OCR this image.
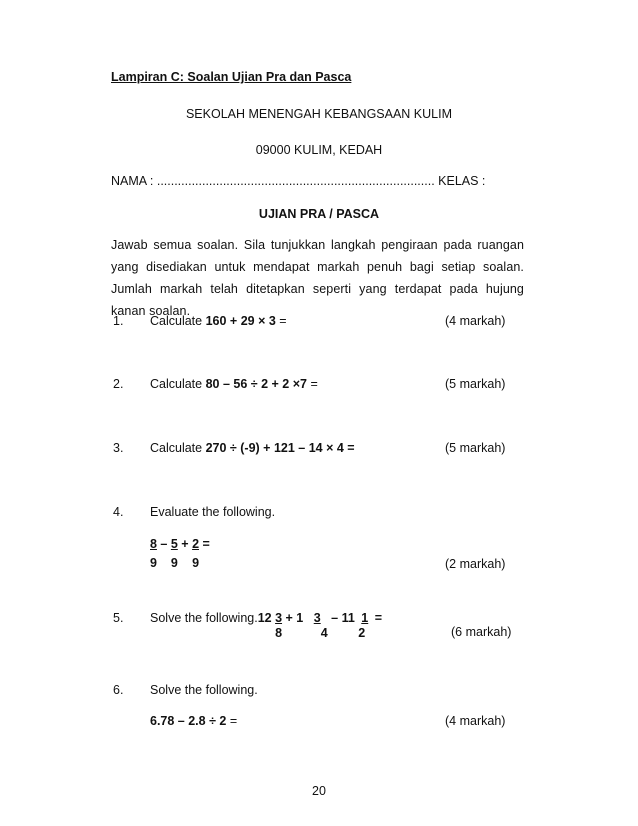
Lampiran C: Soalan Ujian Pra dan Pasca
SEKOLAH MENENGAH KEBANGSAAN KULIM
09000 KULIM, KEDAH
NAMA : ................................................................................ KELAS :
UJIAN PRA / PASCA
Jawab semua soalan. Sila tunjukkan langkah pengiraan pada ruangan yang disediakan untuk mendapat markah penuh bagi setiap soalan. Jumlah markah telah ditetapkan seperti yang terdapat pada hujung kanan soalan.
1. Calculate 160 + 29 × 3 =	(4 markah)
2. Calculate 80 – 56 ÷ 2 + 2 ×7 =	(5 markah)
3. Calculate 270 ÷ (-9) + 121 – 14 × 4 =	(5 markah)
4. Evaluate the following.
$\frac{8}{9} - \frac{5}{9} + \frac{2}{9}$ =
(2 markah)
5. Solve the following.12 $\frac{3}{8} + 1 \frac{3}{4} - 11 \frac{1}{2}$ =
(6 markah)
6. Solve the following.
6.78 – 2.8 ÷ 2 =	(4 markah)
20
